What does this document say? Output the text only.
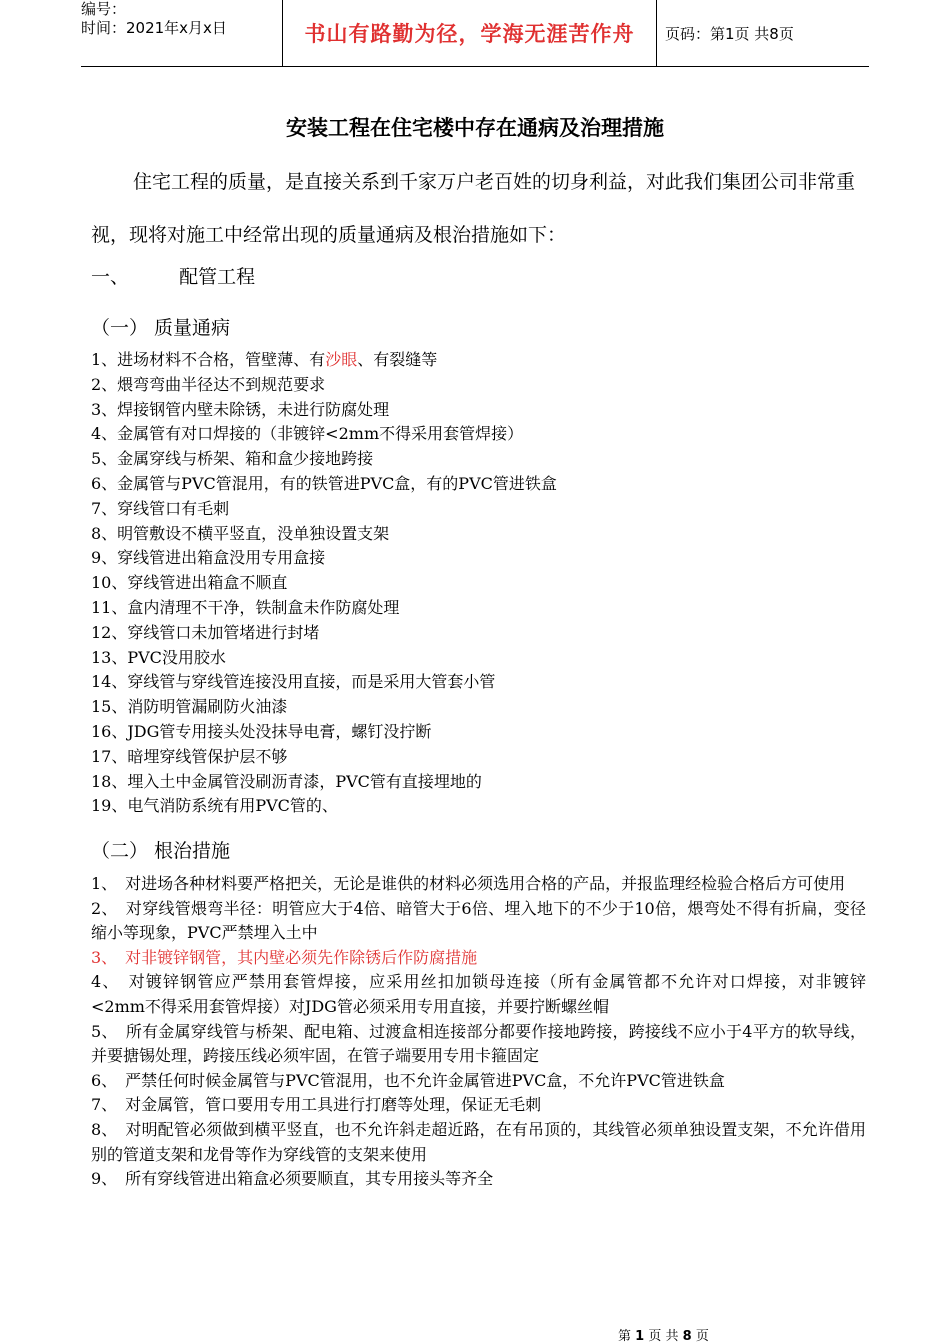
编号：
时间：2021年x月x日	书山有路勤为径，学海无涯苦作舟 页码：第1页 共8页
安装工程在住宅楼中存在通病及治理措施
住宅工程的质量，是直接关系到千家万户老百姓的切身利益，对此我们集团公司非常重视，现将对施工中经常出现的质量通病及根治措施如下：
一、	配管工程
（一） 质量通病
1、进场材料不合格，管壁薄、有沙眼、有裂缝等
2、煨弯弯曲半径达不到规范要求
3、焊接钢管内壁未除锈，未进行防腐处理
4、金属管有对口焊接的（非镀锌<2mm不得采用套管焊接）
5、金属穿线与桥架、箱和盒少接地跨接
6、金属管与PVC管混用，有的铁管进PVC盒，有的PVC管进铁盒
7、穿线管口有毛刺
8、明管敷设不横平竖直，没单独设置支架
9、穿线管进出箱盒没用专用盒接
10、穿线管进出箱盒不顺直
11、盒内清理不干净，铁制盒未作防腐处理
12、穿线管口未加管堵进行封堵
13、PVC没用胶水
14、穿线管与穿线管连接没用直接，而是采用大管套小管
15、消防明管漏刷防火油漆
16、JDG管专用接头处没抹导电膏，螺钉没拧断
17、暗埋穿线管保护层不够
18、埋入土中金属管没刷沥青漆，PVC管有直接埋地的
19、电气消防系统有用PVC管的、
（二） 根治措施
1、　对进场各种材料要严格把关，无论是谁供的材料必须选用合格的产品，并报监理经检验合格后方可使用
2、　对穿线管煨弯半径：明管应大于4倍、暗管大于6倍、埋入地下的不少于10倍，煨弯处不得有折扁，变径缩小等现象，PVC严禁埋入土中
3、　对非镀锌钢管，其内壁必须先作除锈后作防腐措施
4、　对镀锌钢管应严禁用套管焊接，应采用丝扣加锁母连接（所有金属管都不允许对口焊接，对非镀锌<2mm不得采用套管焊接）对JDG管必须采用专用直接，并要拧断螺丝帽
5、　所有金属穿线管与桥架、配电箱、过渡盒相连接部分都要作接地跨接，跨接线不应小于4平方的软导线，并要搪锡处理，跨接压线必须牢固，在管子端要用专用卡箍固定
6、　严禁任何时候金属管与PVC管混用，也不允许金属管进PVC盒，不允许PVC管进铁盒
7、　对金属管，管口要用专用工具进行打磨等处理，保证无毛刺
8、　对明配管必须做到横平竖直，也不允许斜走超近路，在有吊顶的，其线管必须单独设置支架，不允许借用别的管道支架和龙骨等作为穿线管的支架来使用
9、　所有穿线管进出箱盒必须要顺直，其专用接头等齐全
第 1 页 共 8 页
